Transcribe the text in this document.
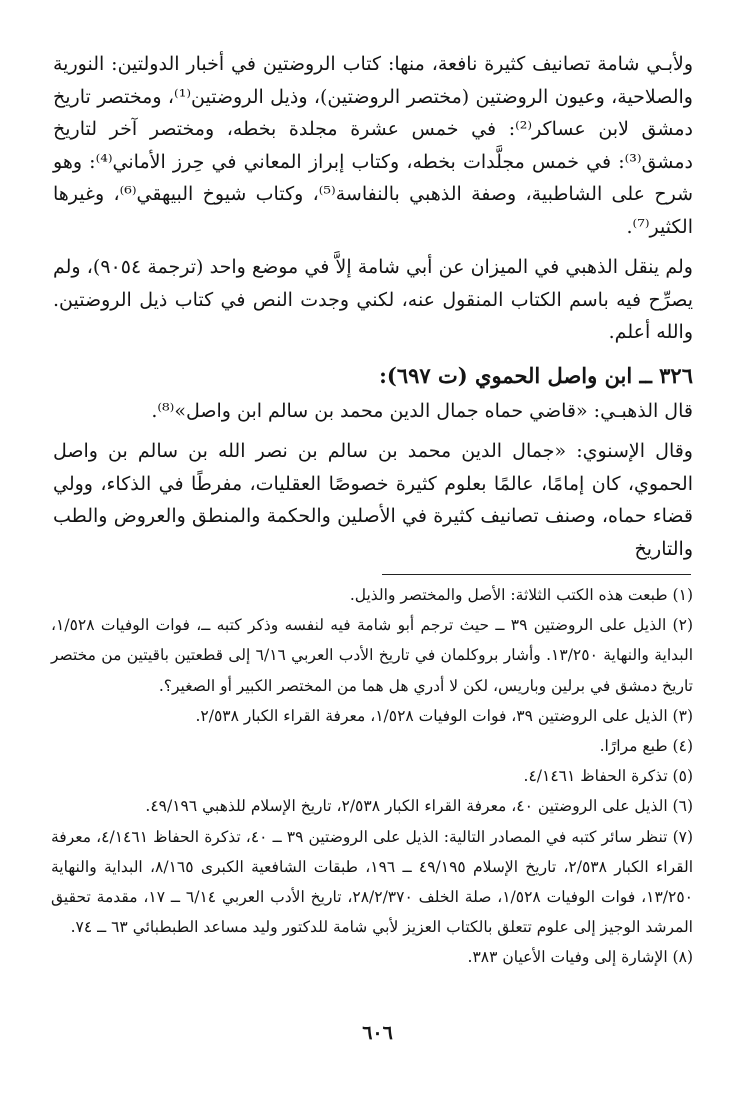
ولأبـي شامة تصانيف كثيرة نافعة، منها: كتاب الروضتين في أخبار الدولتين: النورية والصلاحية، وعيون الروضتين (مختصر الروضتين)، وذيل الروضتين⁽¹⁾، ومختصر تاريخ دمشق لابن عساكر⁽²⁾: في خمس عشرة مجلدة بخطه، ومختصر آخر لتاريخ دمشق⁽³⁾: في خمس مجلَّدات بخطه، وكتاب إبراز المعاني في حِرز الأماني⁽⁴⁾: وهو شرح على الشاطبية، وصفة الذهبي بالنفاسة⁽⁵⁾، وكتاب شيوخ البيهقي⁽⁶⁾، وغيرها الكثير⁽⁷⁾.

ولم ينقل الذهبي في الميزان عن أبي شامة إلاَّ في موضع واحد (ترجمة ٩٠٥٤)، ولم يصرِّح فيه باسم الكتاب المنقول عنه، لكني وجدت النص في كتاب ذيل الروضتين. والله أعلم.

٣٢٦ ــ ابن واصل الحموي (ت ٦٩٧):

قال الذهبـي: «قاضي حماه جمال الدين محمد بن سالم ابن واصل»⁽⁸⁾.

وقال الإسنوي: «جمال الدين محمد بن سالم بن نصر الله بن سالم بن واصل الحموي، كان إمامًا، عالمًا بعلوم كثيرة خصوصًا العقليات، مفرطًا في الذكاء، وولي قضاء حماه، وصنف تصانيف كثيرة في الأصلين والحكمة والمنطق والعروض والطب والتاريخ

(١) طبعت هذه الكتب الثلاثة: الأصل والمختصر والذيل.

(٢) الذيل على الروضتين ٣٩ ــ حيث ترجم أبو شامة فيه لنفسه وذكر كتبه ــ، فوات الوفيات ١/٥٢٨، البداية والنهاية ١٣/٢٥٠. وأشار بروكلمان في تاريخ الأدب العربي ٦/١٦ إلى قطعتين باقيتين من مختصر تاريخ دمشق في برلين وباريس، لكن لا أدري هل هما من المختصر الكبير أو الصغير؟.

(٣) الذيل على الروضتين ٣٩، فوات الوفيات ١/٥٢٨، معرفة القراء الكبار ٢/٥٣٨.

(٤) طبع مرارًا.

(٥) تذكرة الحفاظ ٤/١٤٦١.

(٦) الذيل على الروضتين ٤٠، معرفة القراء الكبار ٢/٥٣٨، تاريخ الإسلام للذهبي ٤٩/١٩٦.

(٧) تنظر سائر كتبه في المصادر التالية: الذيل على الروضتين ٣٩ ــ ٤٠، تذكرة الحفاظ ٤/١٤٦١، معرفة القراء الكبار ٢/٥٣٨، تاريخ الإسلام ٤٩/١٩٥ ــ ١٩٦، طبقات الشافعية الكبرى ٨/١٦٥، البداية والنهاية ١٣/٢٥٠، فوات الوفيات ١/٥٢٨، صلة الخلف ٢٨/٢/٣٧٠، تاريخ الأدب العربي ٦/١٤ ــ ١٧، مقدمة تحقيق المرشد الوجيز إلى علوم تتعلق بالكتاب العزيز لأبي شامة للدكتور وليد مساعد الطبطبائي ٦٣ ــ ٧٤.

(٨) الإشارة إلى وفيات الأعيان ٣٨٣.

٦٠٦
